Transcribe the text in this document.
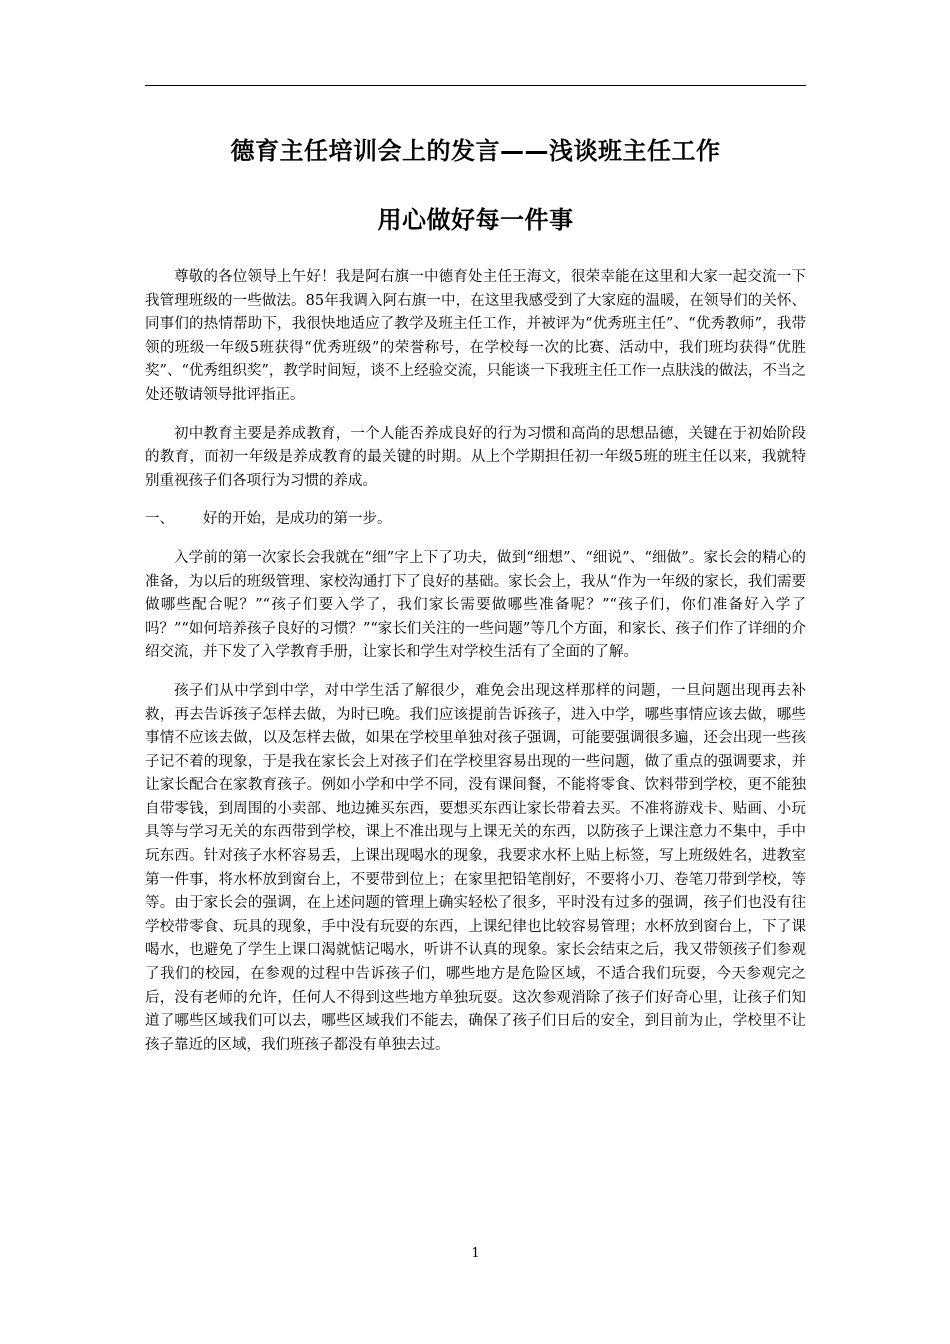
德育主任培训会上的发言——浅谈班主任工作
用心做好每一件事

尊敬的各位领导上午好！我是阿右旗一中德育处主任王海文，很荣幸能在这里和大家一起交流一下我管理班级的一些做法。85年我调入阿右旗一中，在这里我感受到了大家庭的温暖，在领导们的关怀、同事们的热情帮助下，我很快地适应了教学及班主任工作，并被评为“优秀班主任”、“优秀教师”，我带领的班级一年级5班获得“优秀班级”的荣誉称号，在学校每一次的比赛、活动中，我们班均获得“优胜奖”、“优秀组织奖”，教学时间短，谈不上经验交流，只能谈一下我班主任工作一点肤浅的做法，不当之处还敬请领导批评指正。

初中教育主要是养成教育，一个人能否养成良好的行为习惯和高尚的思想品德，关键在于初始阶段的教育，而初一年级是养成教育的最关键的时期。从上个学期担任初一年级5班的班主任以来，我就特别重视孩子们各项行为习惯的养成。

一、	好的开始，是成功的第一步。

入学前的第一次家长会我就在“细”字上下了功夫，做到“细想”、“细说”、“细做”。家长会的精心的准备，为以后的班级管理、家校沟通打下了良好的基础。家长会上，我从“作为一年级的家长，我们需要做哪些配合呢？”“孩子们要入学了，我们家长需要做哪些准备呢？”“孩子们，你们准备好入学了吗？”“如何培养孩子良好的习惯？”“家长们关注的一些问题”等几个方面，和家长、孩子们作了详细的介绍交流，并下发了入学教育手册，让家长和学生对学校生活有了全面的了解。

孩子们从中学到中学，对中学生活了解很少，难免会出现这样那样的问题，一旦问题出现再去补救，再去告诉孩子怎样去做，为时已晚。我们应该提前告诉孩子，进入中学，哪些事情应该去做，哪些事情不应该去做，以及怎样去做，如果在学校里单独对孩子强调，可能要强调很多遍，还会出现一些孩子记不着的现象，于是我在家长会上对孩子们在学校里容易出现的一些问题，做了重点的强调要求，并让家长配合在家教育孩子。例如小学和中学不同，没有课间餐，不能将零食、饮料带到学校，更不能独自带零钱，到周围的小卖部、地边摊买东西，要想买东西让家长带着去买。不准将游戏卡、贴画、小玩具等与学习无关的东西带到学校，课上不准出现与上课无关的东西，以防孩子上课注意力不集中，手中玩东西。针对孩子水杯容易丢，上课出现喝水的现象，我要求水杯上贴上标签，写上班级姓名，进教室第一件事，将水杯放到窗台上，不要带到位上；在家里把铅笔削好，不要将小刀、卷笔刀带到学校，等等。由于家长会的强调，在上述问题的管理上确实轻松了很多，平时没有过多的强调，孩子们也没有往学校带零食、玩具的现象，手中没有玩耍的东西，上课纪律也比较容易管理；水杯放到窗台上，下了课喝水，也避免了学生上课口渴就惦记喝水，听讲不认真的现象。家长会结束之后，我又带领孩子们参观了我们的校园，在参观的过程中告诉孩子们，哪些地方是危险区域，不适合我们玩耍，今天参观完之后，没有老师的允许，任何人不得到这些地方单独玩耍。这次参观消除了孩子们好奇心里，让孩子们知道了哪些区域我们可以去，哪些区域我们不能去，确保了孩子们日后的安全，到目前为止，学校里不让孩子靠近的区域，我们班孩子都没有单独去过。

1
